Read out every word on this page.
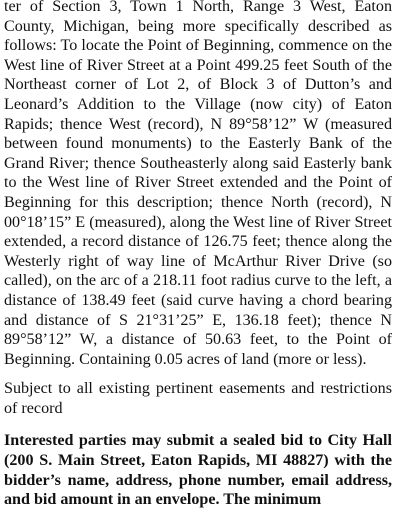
ter of Section 3, Town 1 North, Range 3 West, Eaton County, Michigan, being more specifically described as follows: To locate the Point of Beginning, commence on the West line of River Street at a Point 499.25 feet South of the Northeast corner of Lot 2, of Block 3 of Dutton’s and Leonard’s Addition to the Village (now city) of Eaton Rapids; thence West (record), N 89°58’12” W (measured between found monuments) to the Easterly Bank of the Grand River; thence Southeasterly along said Easterly bank to the West line of River Street extended and the Point of Beginning for this description; thence North (record), N 00°18’15” E (measured), along the West line of River Street extended, a record distance of 126.75 feet; thence along the Westerly right of way line of McArthur River Drive (so called), on the arc of a 218.11 foot radius curve to the left, a distance of 138.49 feet (said curve having a chord bearing and distance of S 21°31’25” E, 136.18 feet); thence N 89°58’12” W, a distance of 50.63 feet, to the Point of Beginning. Containing 0.05 acres of land (more or less).

Subject to all existing pertinent easements and restrictions of record

Interested parties may submit a sealed bid to City Hall (200 S. Main Street, Eaton Rapids, MI 48827) with the bidder’s name, address, phone number, email address, and bid amount in an envelope. The minimum
